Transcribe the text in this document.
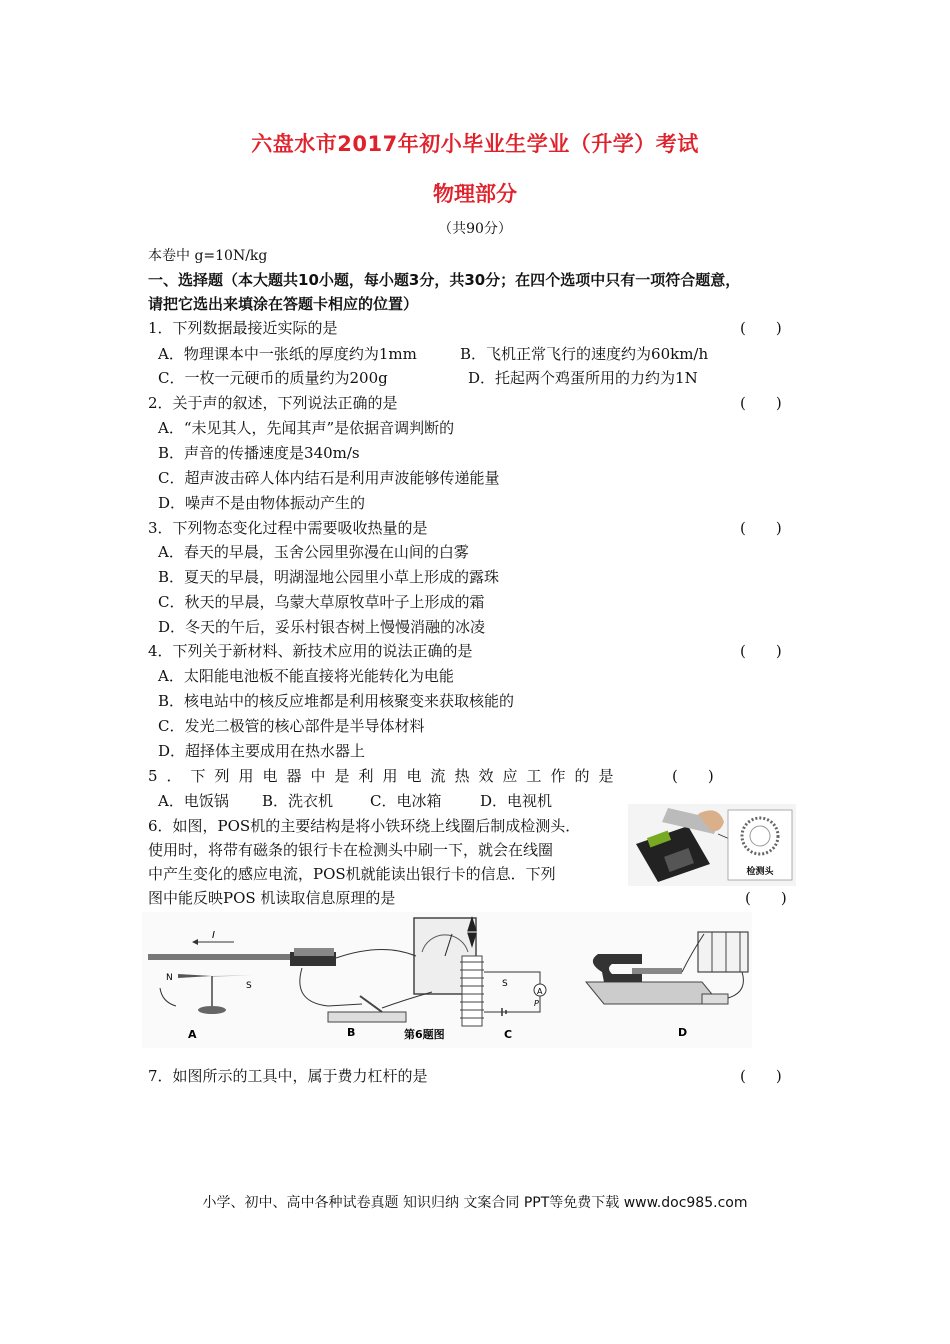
六盘水市2017年初小毕业生学业（升学）考试
物理部分
（共90分）
本卷中 g=10N/kg
一、选择题（本大题共10小题，每小题3分，共30分；在四个选项中只有一项符合题意，
请把它选出来填涂在答题卡相应的位置）
1．下列数据最接近实际的是	(　　)
A．物理课本中一张纸的厚度约为1mm	B．飞机正常飞行的速度约为60km/h
C．一枚一元硬币的质量约为200g	D．托起两个鸡蛋所用的力约为1N
2．关于声的叙述，下列说法正确的是	(　　)
A．“未见其人，先闻其声”是依据音调判断的
B．声音的传播速度是340m/s
C．超声波击碎人体内结石是利用声波能够传递能量
D．噪声不是由物体振动产生的
3．下列物态变化过程中需要吸收热量的是	(　　)
A．春天的早晨，玉舍公园里弥漫在山间的白雾
B．夏天的早晨，明湖湿地公园里小草上形成的露珠
C．秋天的早晨，乌蒙大草原牧草叶子上形成的霜
D．冬天的午后，妥乐村银杏树上慢慢消融的冰凌
4．下列关于新材料、新技术应用的说法正确的是	(　　)
A．太阳能电池板不能直接将光能转化为电能
B．核电站中的核反应堆都是利用核聚变来获取核能的
C．发光二极管的核心部件是半导体材料
D．超择体主要成用在热水器上
5．下列用电器中是利用电流热效应工作的是	(　　)
A．电饭锅 B．洗衣机 C．电冰箱	D．电视机
6．如图，POS机的主要结构是将小铁环绕上线圈后制成检测头．
使用时，将带有磁条的银行卡在检测头中刷一下，就会在线圈
中产生变化的感应电流，POS机就能读出银行卡的信息．下列
图中能反映POS 机读取信息原理的是	(　　)
检测头
I
N
S
A	B
A
S
P
C	D
第6题图
7．如图所示的工具中，属于费力杠杆的是	(　　)
小学、初中、高中各种试卷真题 知识归纳 文案合同 PPT等免费下载 www.doc985.com
